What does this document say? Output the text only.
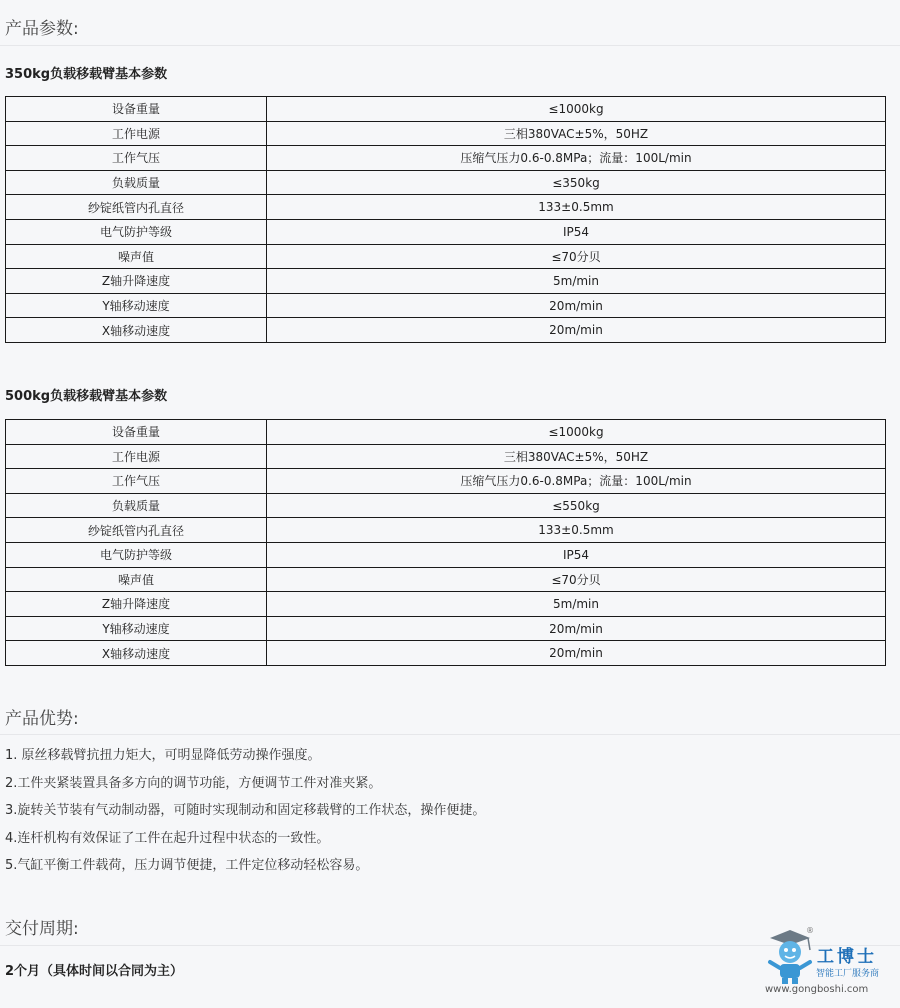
产品参数:
350kg负载移载臂基本参数
设备重量	≤1000kg
工作电源	三相380VAC±5%，50HZ
工作气压	压缩气压力0.6-0.8MPa；流量：100L/min
负载质量	≤350kg
纱锭纸管内孔直径	133±0.5mm
电气防护等级	IP54
噪声值	≤70分贝
Z轴升降速度	5m/min
Y轴移动速度	20m/min
X轴移动速度	20m/min
500kg负载移载臂基本参数
设备重量	≤1000kg
工作电源	三相380VAC±5%，50HZ
工作气压	压缩气压力0.6-0.8MPa；流量：100L/min
负载质量	≤550kg
纱锭纸管内孔直径	133±0.5mm
电气防护等级	IP54
噪声值	≤70分贝
Z轴升降速度	5m/min
Y轴移动速度	20m/min
X轴移动速度	20m/min
产品优势:
1. 原丝移载臂抗扭力矩大，可明显降低劳动操作强度。
2.工件夹紧装置具备多方向的调节功能，方便调节工件对准夹紧。
3.旋转关节装有气动制动器，可随时实现制动和固定移载臂的工作状态，操作便捷。
4.连杆机构有效保证了工件在起升过程中状态的一致性。
5.气缸平衡工件载荷，压力调节便捷，工件定位移动轻松容易。
交付周期:
2个月（具体时间以合同为主）
®
工博士
智能工厂服务商
www.gongboshi.com
